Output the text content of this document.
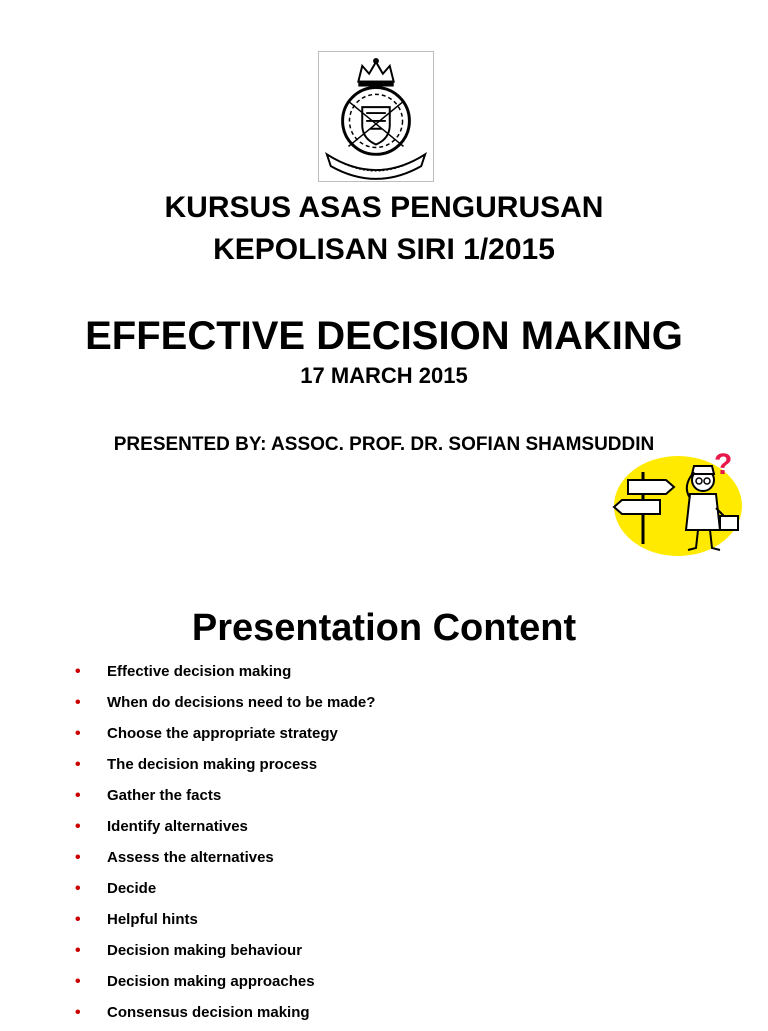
KURSUS ASAS PENGURUSAN
KEPOLISAN SIRI 1/2015
EFFECTIVE DECISION MAKING
17 MARCH 2015
PRESENTED BY: ASSOC. PROF. DR. SOFIAN SHAMSUDDIN
?
Presentation Content
• Effective decision making
• When do decisions need to be made?
• Choose the appropriate strategy
• The decision making process
• Gather the facts
• Identify alternatives
• Assess the alternatives
• Decide
• Helpful hints
• Decision making behaviour
• Decision making approaches
• Consensus decision making
